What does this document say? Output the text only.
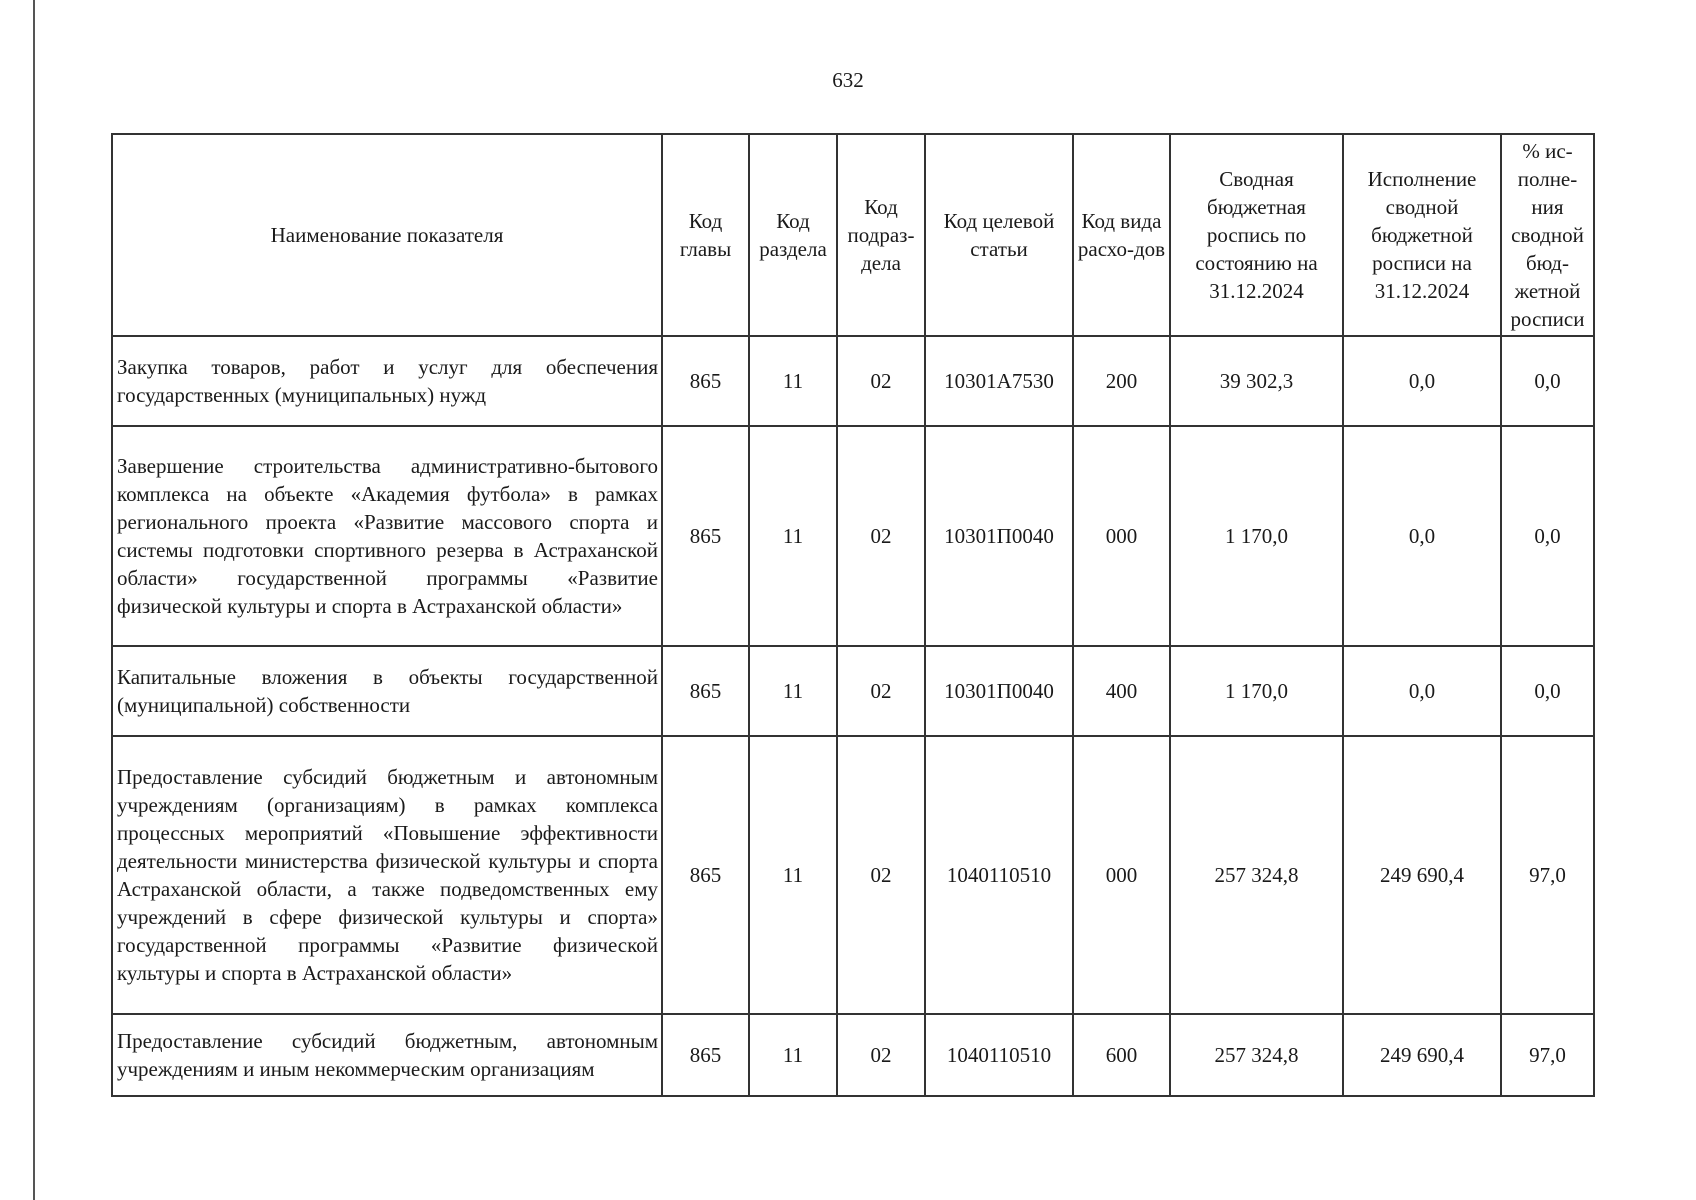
632
Наименование показателя	Код главы	Код раздела	Код подраз-дела	Код целевой статьи	Код вида расхо-дов	Сводная бюджетная роспись по состоянию на 31.12.2024	Исполнение сводной бюджетной росписи на 31.12.2024	% ис-полне-ния сводной бюд-жетной росписи
Закупка товаров, работ и услуг для обеспечения государственных (муниципальных) нужд	865	11	02	10301A7530	200	39 302,3	0,0	0,0
Завершение строительства административно-бытового комплекса на объекте «Академия футбола» в рамках регионального проекта «Развитие массового спорта и системы подготовки спортивного резерва в Астраханской области» государственной программы «Развитие физической культуры и спорта в Астраханской области»	865	11	02	10301П0040	000	1 170,0	0,0	0,0
Капитальные вложения в объекты государственной (муниципальной) собственности	865	11	02	10301П0040	400	1 170,0	0,0	0,0
Предоставление субсидий бюджетным и автономным учреждениям (организациям) в рамках комплекса процессных мероприятий «Повышение эффективности деятельности министерства физической культуры и спорта Астраханской области, а также подведомственных ему учреждений в сфере физической культуры и спорта» государственной программы «Развитие физической культуры и спорта в Астраханской области»	865	11	02	1040110510	000	257 324,8	249 690,4	97,0
Предоставление субсидий бюджетным, автономным учреждениям и иным некоммерческим организациям	865	11	02	1040110510	600	257 324,8	249 690,4	97,0
